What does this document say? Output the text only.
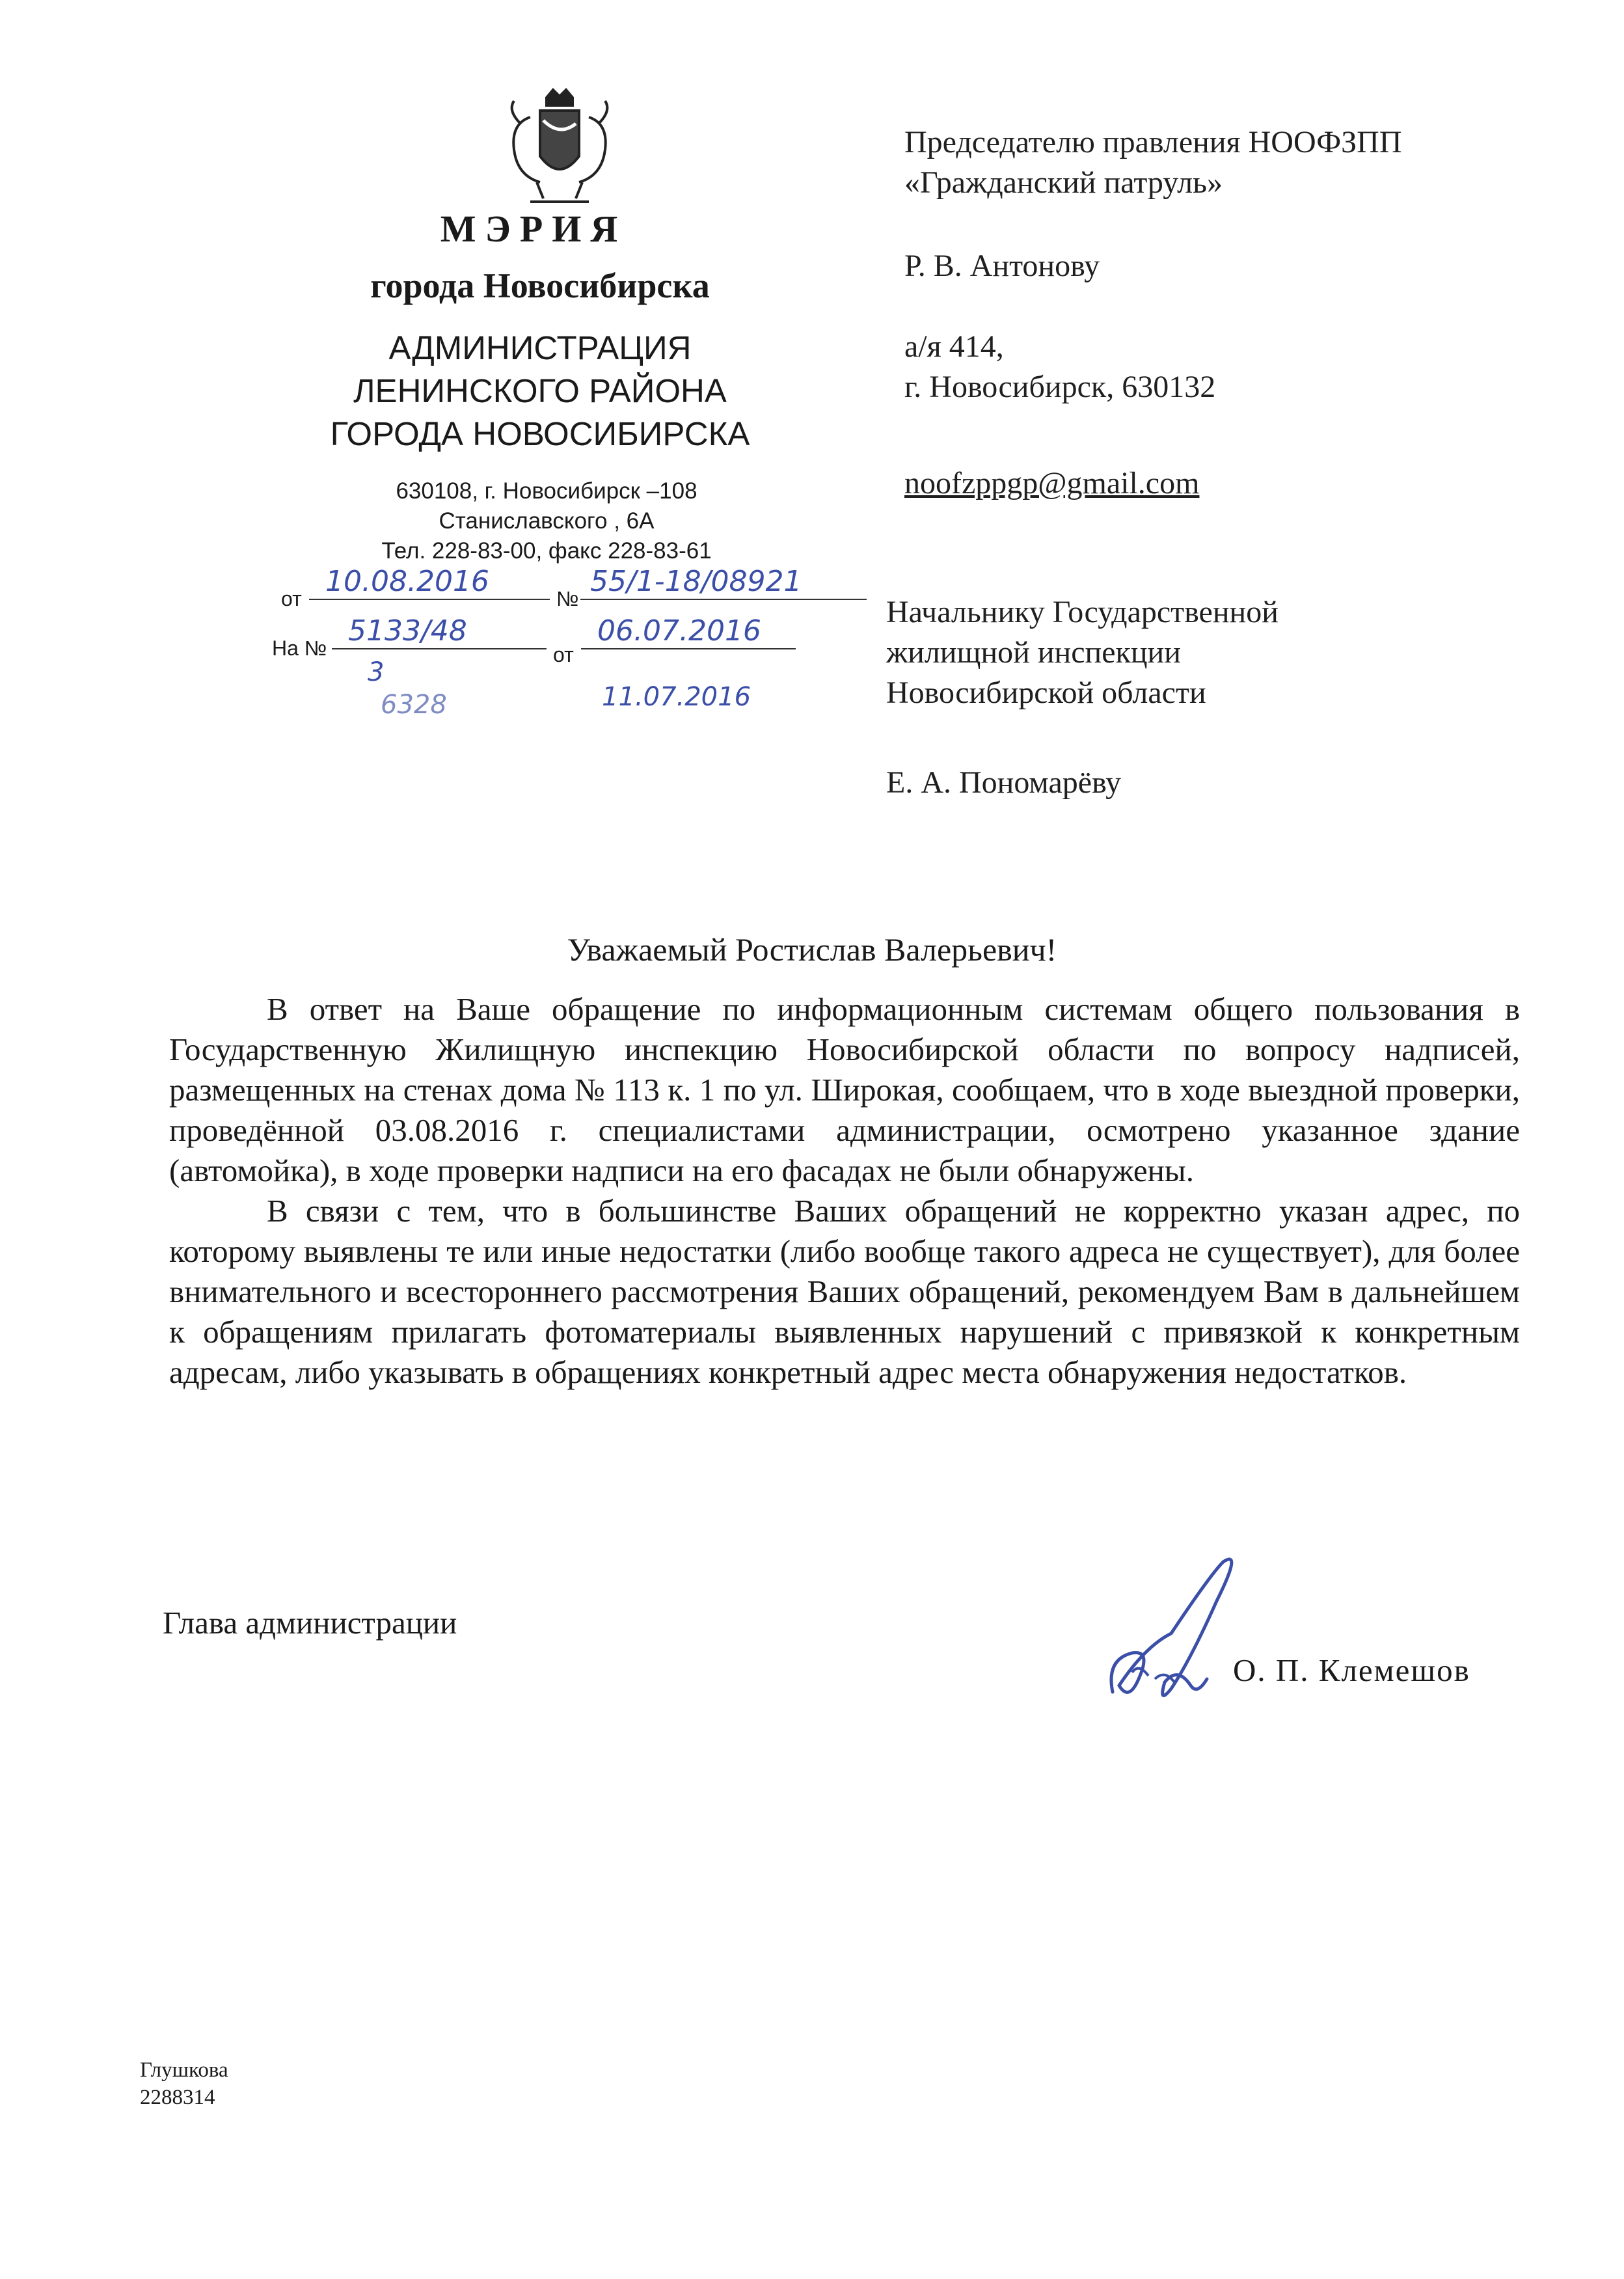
МЭРИЯ
города Новосибирска
АДМИНИСТРАЦИЯ
ЛЕНИНСКОГО РАЙОНА
ГОРОДА НОВОСИБИРСКА
630108, г. Новосибирск –108
Станиславского , 6А
Тел. 228-83-00, факс 228-83-61
от
10.08.2016
№
55/1-18/08921
На №
5133/48
от
06.07.2016
3
6328	11.07.2016
Председателю правления НООФЗПП
«Гражданский патруль»
Р. В. Антонову
а/я 414,
г. Новосибирск, 630132
noofzppgp@gmail.com
Начальнику Государственной
жилищной инспекции
Новосибирской области
Е. А. Пономарёву
Уважаемый Ростислав Валерьевич!

В ответ на Ваше обращение по информационным системам общего пользования в Государственную Жилищную инспекцию Новосибирской области по вопросу надписей, размещенных на стенах дома № 113 к. 1 по ул. Широкая, сообщаем, что в ходе выездной проверки, проведённой 03.08.2016 г. специалистами администрации, осмотрено указанное здание (автомойка), в ходе проверки надписи на его фасадах не были обнаружены.

В связи с тем, что в большинстве Ваших обращений не корректно указан адрес, по которому выявлены те или иные недостатки (либо вообще такого адреса не существует), для более внимательного и всестороннего рассмотрения Ваших обращений, рекомендуем Вам в дальнейшем к обращениям прилагать фотоматериалы выявленных нарушений с привязкой к конкретным адресам, либо указывать в обращениях конкретный адрес места обнаружения недостатков.

Глава администрации
О. П. Клемешов
Глушкова
2288314
